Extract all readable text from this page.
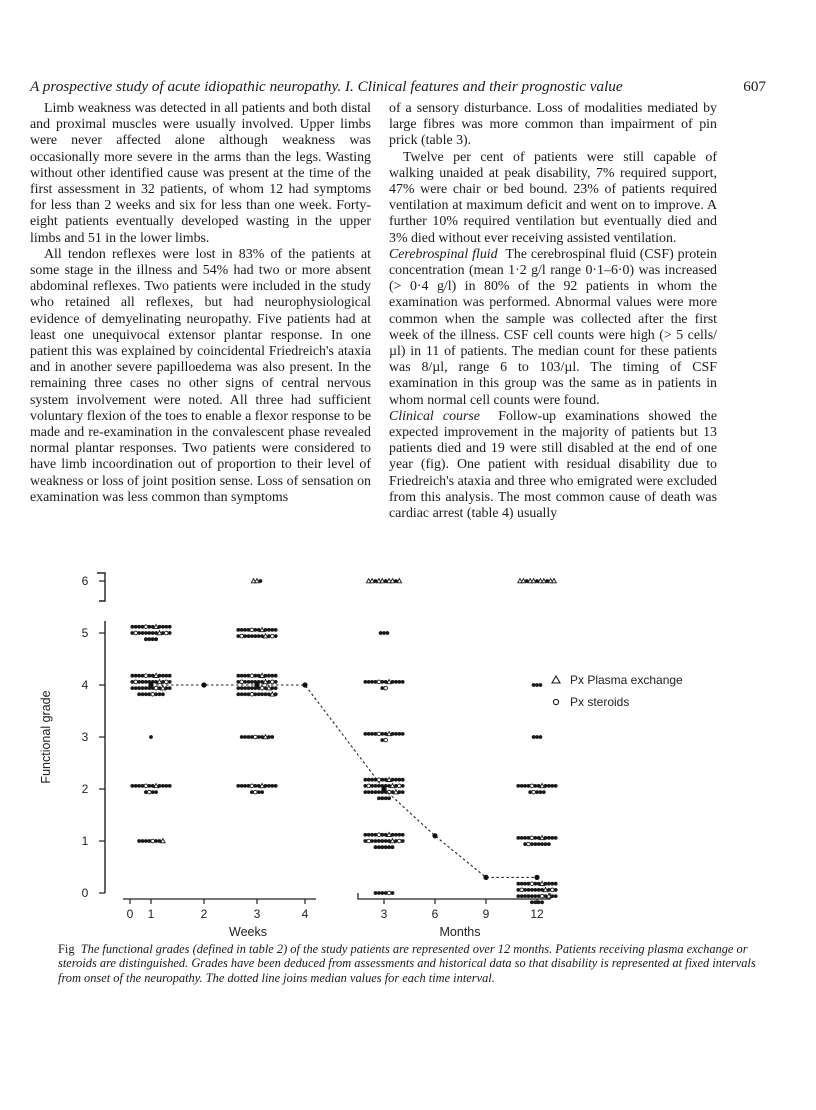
A prospective study of acute idiopathic neuropathy. I. Clinical features and their prognostic value	607

Limb weakness was detected in all patients and both distal and proximal muscles were usually involved. Upper limbs were never affected alone although weakness was occasionally more severe in the arms than the legs. Wasting without other identified cause was present at the time of the first assessment in 32 patients, of whom 12 had symptoms for less than 2 weeks and six for less than one week. Forty-eight patients eventually developed wasting in the upper limbs and 51 in the lower limbs.

All tendon reflexes were lost in 83% of the patients at some stage in the illness and 54% had two or more absent abdominal reflexes. Two patients were included in the study who retained all reflexes, but had neurophysiological evidence of demyelinating neuropathy. Five patients had at least one unequivocal extensor plantar response. In one patient this was explained by coincidental Friedreich's ataxia and in another severe papilloedema was also present. In the remaining three cases no other signs of central nervous system involvement were noted. All three had sufficient voluntary flexion of the toes to enable a flexor response to be made and re-examination in the convalescent phase revealed normal plantar responses. Two patients were considered to have limb incoordination out of proportion to their level of weakness or loss of joint position sense. Loss of sensation on examination was less common than symptoms

of a sensory disturbance. Loss of modalities mediated by large fibres was more common than impairment of pin prick (table 3).

Twelve per cent of patients were still capable of walking unaided at peak disability, 7% required support, 47% were chair or bed bound. 23% of patients required ventilation at maximum deficit and went on to improve. A further 10% required ventilation but eventually died and 3% died without ever receiving assisted ventilation.

Cerebrospinal fluid The cerebrospinal fluid (CSF) protein concentration (mean 1·2 g/l range 0·1–6·0) was increased (> 0·4 g/l) in 80% of the 92 patients in whom the examination was performed. Abnormal values were more common when the sample was collected after the first week of the illness. CSF cell counts were high (> 5 cells/µl) in 11 of patients. The median count for these patients was 8/µl, range 6 to 103/µl. The timing of CSF examination in this group was the same as in patients in whom normal cell counts were found.

Clinical course Follow-up examinations showed the expected improvement in the majority of patients but 13 patients died and 19 were still disabled at the end of one year (fig). One patient with residual disability due to Friedreich's ataxia and three who emigrated were excluded from this analysis. The most common cause of death was cardiac arrest (table 4) usually

0
1
2
3
4
5
6
Functional grade
0 1	2	3	4
Weeks
3	6	9	12
Months
Px Plasma exchange
Px steroids
Fig The functional grades (defined in table 2) of the study patients are represented over 12 months. Patients receiving plasma exchange or steroids are distinguished. Grades have been deduced from assessments and historical data so that disability is represented at fixed intervals from onset of the neuropathy. The dotted line joins median values for each time interval.
